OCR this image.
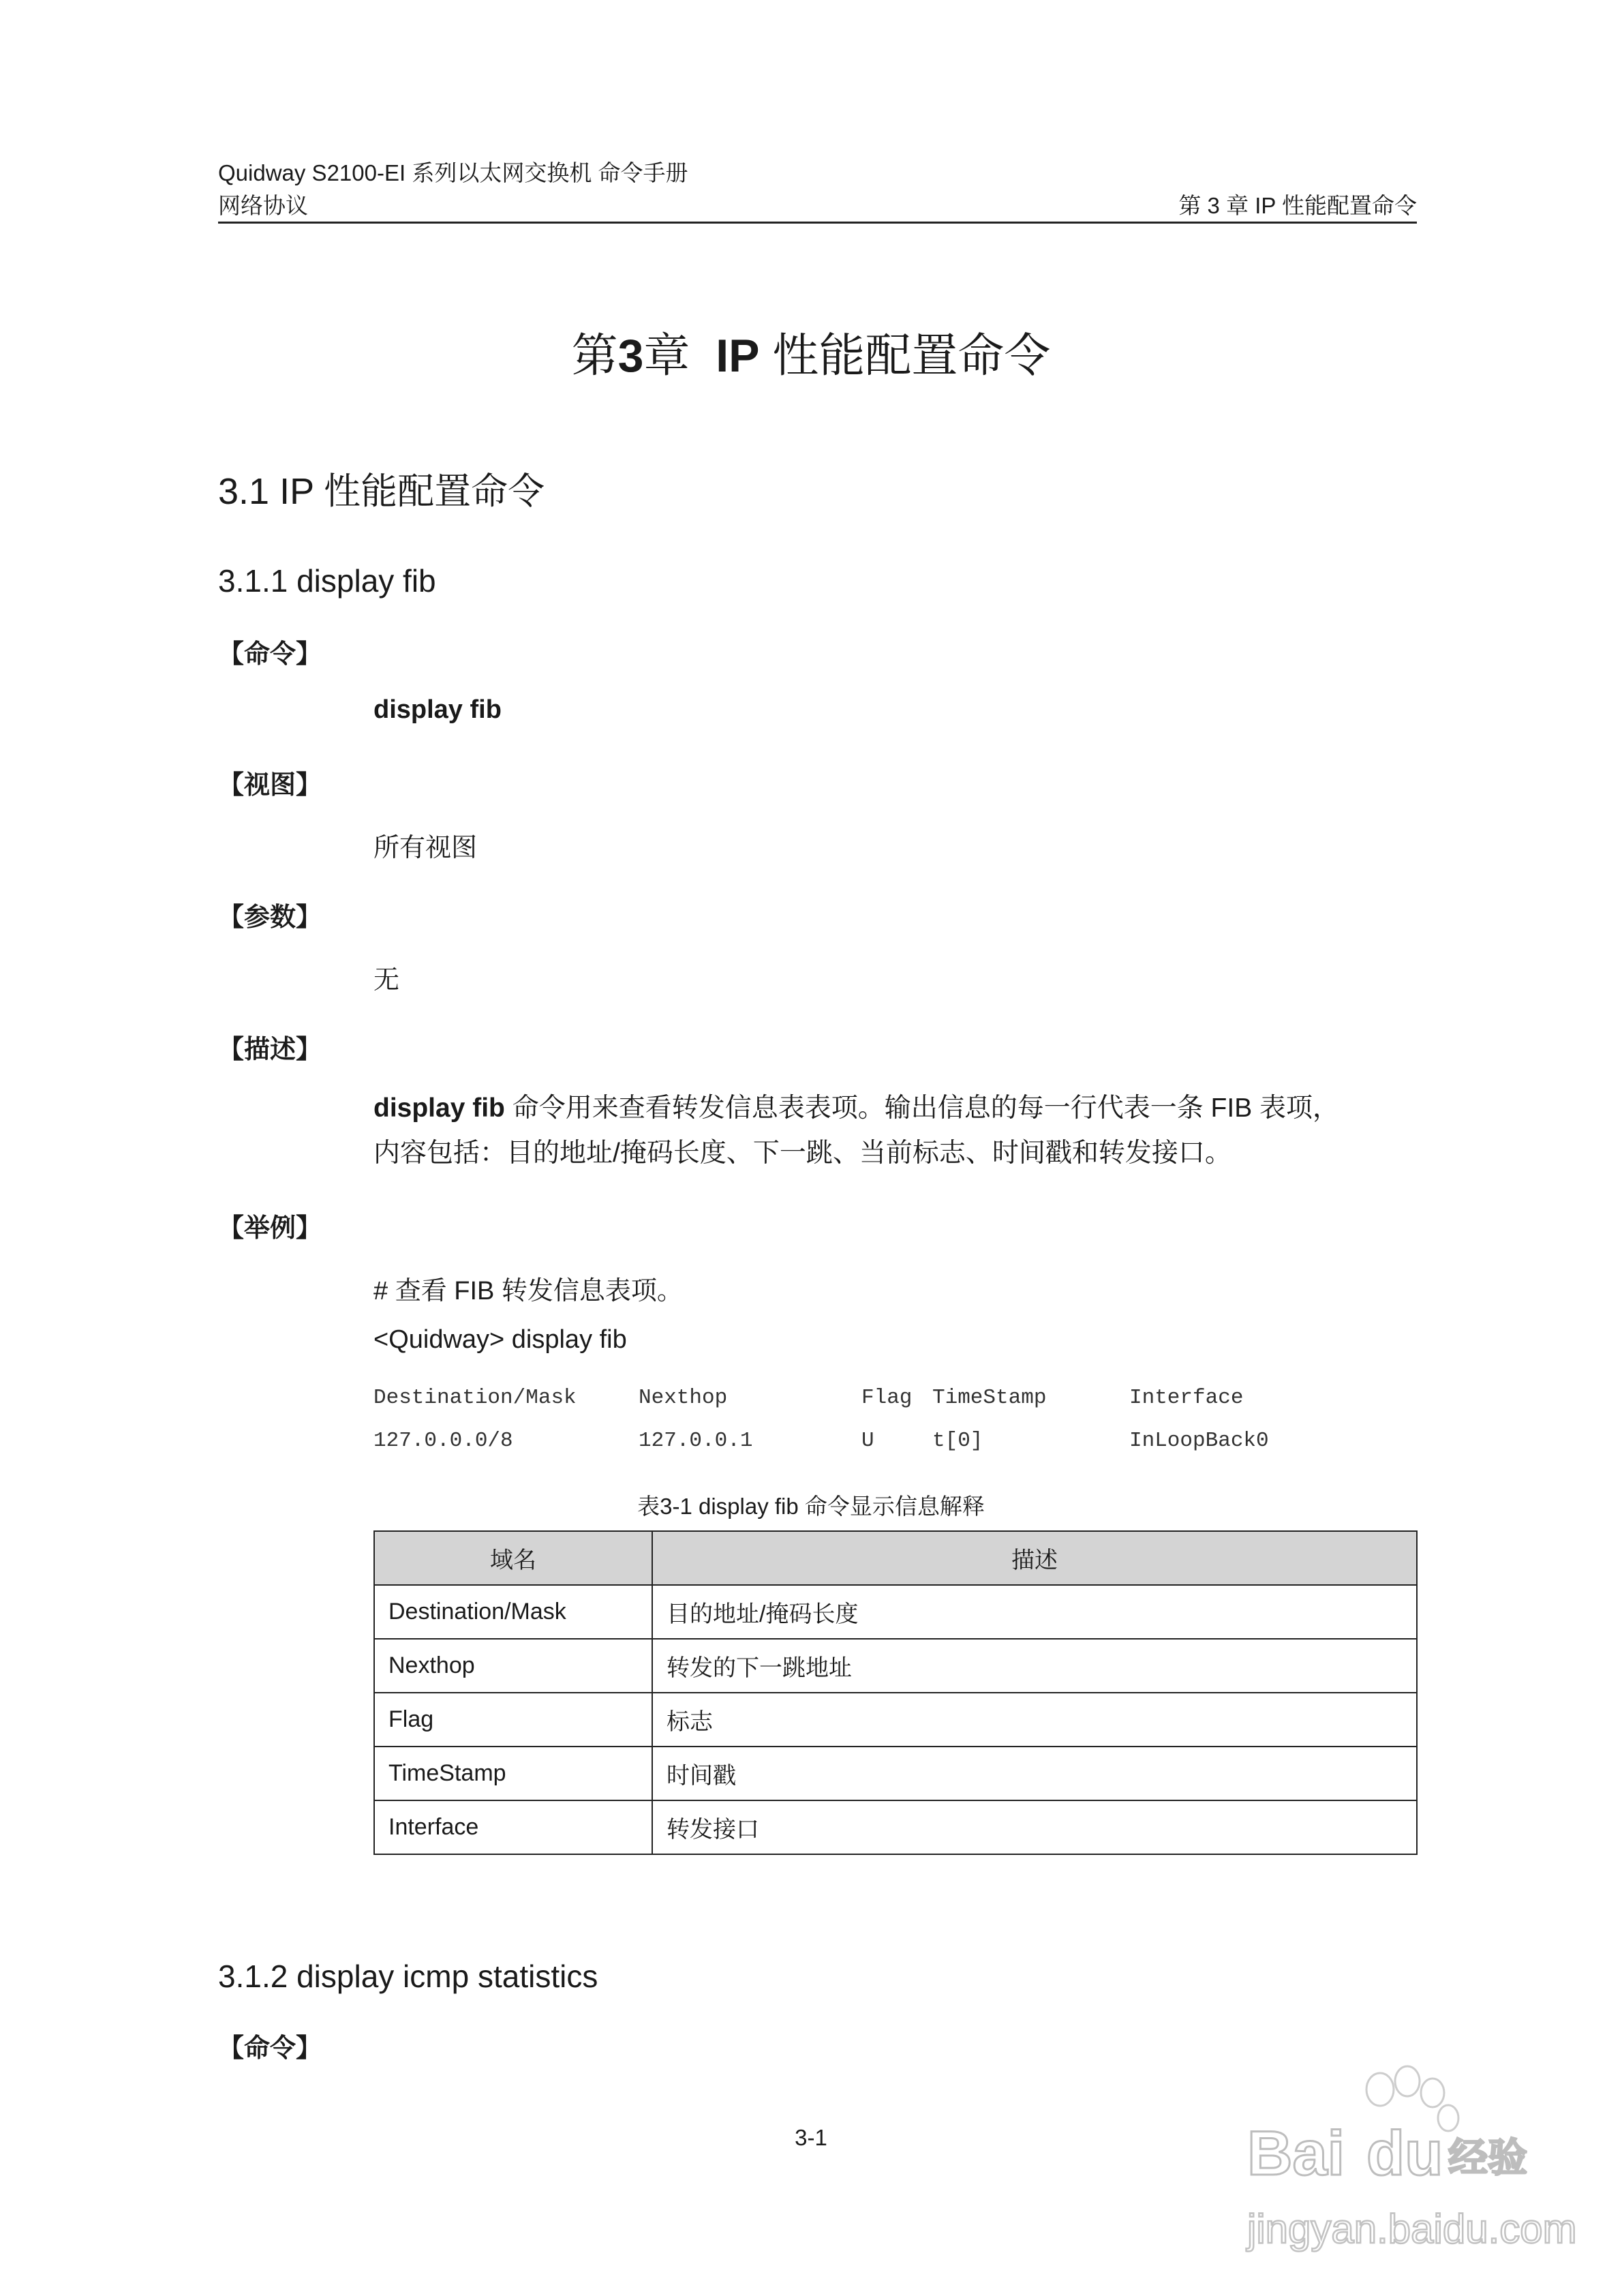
Quidway S2100-EI 系列以太网交换机 命令手册
网络协议	第 3 章 IP 性能配置命令
第3章 IP 性能配置命令
3.1 IP 性能配置命令
3.1.1 display fib
【命令】
display fib
【视图】
所有视图
【参数】
无
【描述】
display fib 命令用来查看转发信息表表项。输出信息的每一行代表一条 FIB 表项，
内容包括：目的地址/掩码长度、下一跳、当前标志、时间戳和转发接口。
【举例】
# 查看 FIB 转发信息表项。
<Quidway> display fib
Destination/Mask	Nexthop	Flag TimeStamp	Interface
127.0.0.0/8	127.0.0.1	U	t[0]	InLoopBack0
表3-1 display fib 命令显示信息解释
域名	描述
Destination/Mask	目的地址/掩码长度
Nexthop	转发的下一跳地址
Flag	标志
TimeStamp	时间戳
Interface	转发接口
3.1.2 display icmp statistics
【命令】
3-1	Bai du 经验
jingyan.baidu.com
